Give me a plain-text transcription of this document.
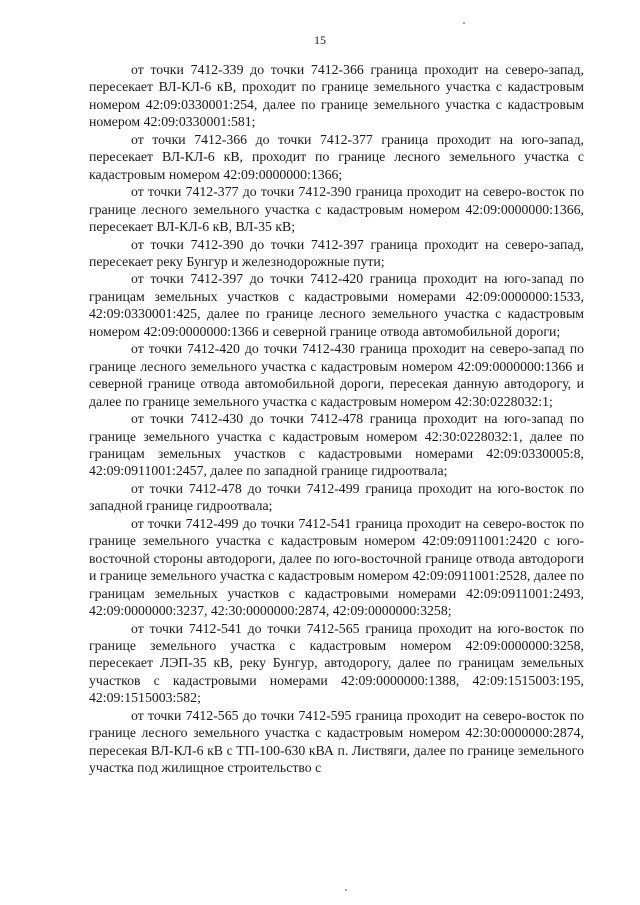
15

от точки 7412-339 до точки 7412-366 граница проходит на северо-запад, пересекает ВЛ-КЛ-6 кВ, проходит по границе земельного участка с кадастровым номером 42:09:0330001:254, далее по границе земельного участка с кадастровым номером 42:09:0330001:581;

от точки 7412-366 до точки 7412-377 граница проходит на юго-запад, пересекает ВЛ-КЛ-6 кВ, проходит по границе лесного земельного участка с кадастровым номером 42:09:0000000:1366;

от точки 7412-377 до точки 7412-390 граница проходит на северо-восток по границе лесного земельного участка с кадастровым номером 42:09:0000000:1366, пересекает ВЛ-КЛ-6 кВ, ВЛ-35 кВ;

от точки 7412-390 до точки 7412-397 граница проходит на северо-запад, пересекает реку Бунгур и железнодорожные пути;

от точки 7412-397 до точки 7412-420 граница проходит на юго-запад по границам земельных участков с кадастровыми номерами 42:09:0000000:1533, 42:09:0330001:425, далее по границе лесного земельного участка с кадастровым номером 42:09:0000000:1366 и северной границе отвода автомобильной дороги;

от точки 7412-420 до точки 7412-430 граница проходит на северо-запад по границе лесного земельного участка с кадастровым номером 42:09:0000000:1366 и северной границе отвода автомобильной дороги, пересекая данную автодорогу, и далее по границе земельного участка с кадастровым номером 42:30:0228032:1;

от точки 7412-430 до точки 7412-478 граница проходит на юго-запад по границе земельного участка с кадастровым номером 42:30:0228032:1, далее по границам земельных участков с кадастровыми номерами 42:09:0330005:8, 42:09:0911001:2457, далее по западной границе гидроотвала;

от точки 7412-478 до точки 7412-499 граница проходит на юго-восток по западной границе гидроотвала;

от точки 7412-499 до точки 7412-541 граница проходит на северо-восток по границе земельного участка с кадастровым номером 42:09:0911001:2420 с юго-восточной стороны автодороги, далее по юго-восточной границе отвода автодороги и границе земельного участка с кадастровым номером 42:09:0911001:2528, далее по границам земельных участков с кадастровыми номерами 42:09:0911001:2493, 42:09:0000000:3237, 42:30:0000000:2874, 42:09:0000000:3258;

от точки 7412-541 до точки 7412-565 граница проходит на юго-восток по границе земельного участка с кадастровым номером 42:09:0000000:3258, пересекает ЛЭП-35 кВ, реку Бунгур, автодорогу, далее по границам земельных участков с кадастровыми номерами 42:09:0000000:1388, 42:09:1515003:195, 42:09:1515003:582;

от точки 7412-565 до точки 7412-595 граница проходит на северо-восток по границе лесного земельного участка с кадастровым номером 42:30:0000000:2874, пересекая ВЛ-КЛ-6 кВ с ТП-100-630 кВА п. Листвяги, далее по границе земельного участка под жилищное строительство с
